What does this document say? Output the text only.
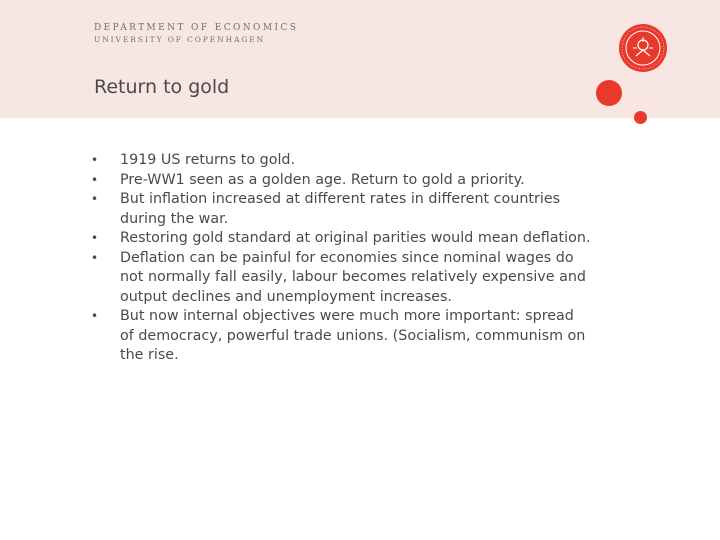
DEPARTMENT OF ECONOMICS
UNIVERSITY OF COPENHAGEN
Return to gold
• 1919 US returns to gold.
• Pre-WW1 seen as a golden age. Return to gold a priority.
• But inflation increased at different rates in different countries during the war.
• Restoring gold standard at original parities would mean deflation.
• Deflation can be painful for economies since nominal wages do not normally fall easily, labour becomes relatively expensive and output declines and unemployment increases.
• But now internal objectives were much more important: spread of democracy, powerful trade unions. (Socialism, communism on the rise.
